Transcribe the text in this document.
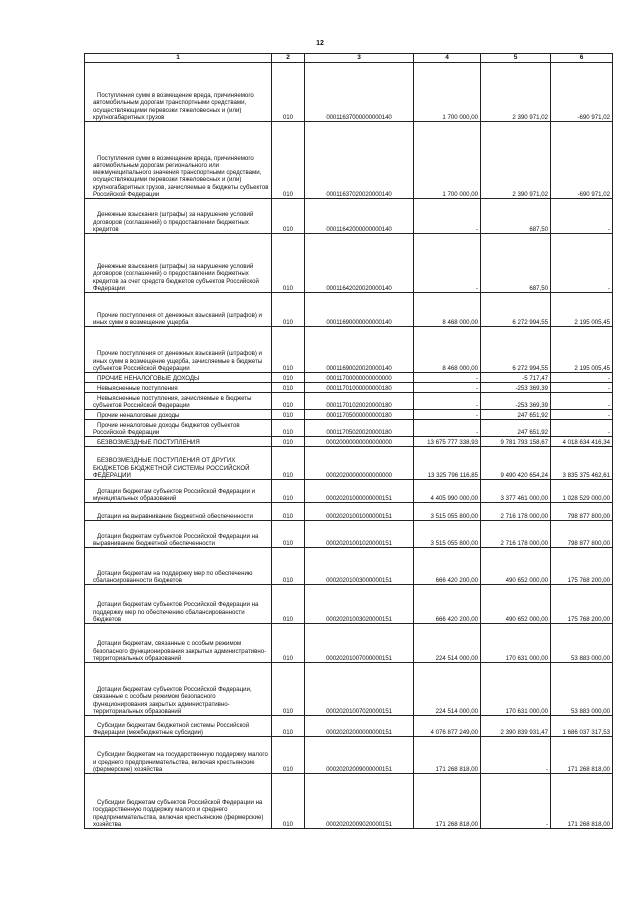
12
1	2	3	4	5	6

Поступления сумм в возмещение вреда, причиняемого автомобильным дорогам транспортными средствами, осуществляющими перевозки тяжеловесных и (или) крупногабаритных грузов	010	00011637000000000140	1 700 000,00	2 390 971,02	-690 971,02

Поступления сумм в возмещение вреда, причиняемого автомобильным дорогам регионального или межмуниципального значения транспортными средствами, осуществляющими перевозки тяжеловесных и (или) крупногабаритных грузов, зачисляемые в бюджеты субъектов Российской Федерации	010	00011637020020000140	1 700 000,00	2 390 971,02	-690 971,02

Денежные взыскания (штрафы) за нарушение условий договоров (соглашений) о предоставлении бюджетных кредитов	010	00011642000000000140	-	687,50	-

Денежные взыскания (штрафы) за нарушение условий договоров (соглашений) о предоставлении бюджетных кредитов за счет средств бюджетов субъектов Российской Федерации	010	00011642020020000140	-	687,50	-

Прочие поступления от денежных взысканий (штрафов) и иных сумм в возмещение ущерба	010	00011690000000000140	8 468 000,00	6 272 994,55	2 195 005,45

Прочие поступления от денежных взысканий (штрафов) и иных сумм в возмещение ущерба, зачисляемые в бюджеты субъектов Российской Федерации	010	00011690020020000140	8 468 000,00	6 272 994,55	2 195 005,45

ПРОЧИЕ НЕНАЛОГОВЫЕ ДОХОДЫ	010	00011700000000000000	-	-5 717,47	-

Невыясненные поступления	010	00011701000000000180	-	-253 369,39	-

Невыясненные поступления, зачисляемые в бюджеты субъектов Российской Федерации	010	00011701020020000180	-	-253 369,39	-

Прочие неналоговые доходы	010	00011705000000000180	-	247 651,92	-

Прочие неналоговые доходы бюджетов субъектов Российской Федерации	010	00011705020020000180	-	247 651,92	-

БЕЗВОЗМЕЗДНЫЕ ПОСТУПЛЕНИЯ	010	00020000000000000000	13 675 777 338,93	9 781 793 158,67	4 018 634 416,34

БЕЗВОЗМЕЗДНЫЕ ПОСТУПЛЕНИЯ ОТ ДРУГИХ БЮДЖЕТОВ БЮДЖЕТНОЙ СИСТЕМЫ РОССИЙСКОЙ ФЕДЕРАЦИИ	010	00020200000000000000	13 325 796 116,85	9 490 420 654,24	3 835 375 462,61

Дотации бюджетам субъектов Российской Федерации и муниципальных образований	010	00020201000000000151	4 405 990 000,00	3 377 461 000,00	1 028 529 000,00

Дотации на выравнивание бюджетной обеспеченности	010	00020201001000000151	3 515 055 800,00	2 716 178 000,00	798 877 800,00

Дотации бюджетам субъектов Российской Федерации на выравнивание бюджетной обеспеченности	010	00020201001020000151	3 515 055 800,00	2 716 178 000,00	798 877 800,00

Дотации бюджетам на поддержку мер по обеспечению сбалансированности бюджетов	010	00020201003000000151	666 420 200,00	490 652 000,00	175 768 200,00

Дотации бюджетам субъектов Российской Федерации на поддержку мер по обеспечению сбалансированности бюджетов	010	00020201003020000151	666 420 200,00	490 652 000,00	175 768 200,00

Дотации бюджетам, связанные с особым режимом безопасного функционирования закрытых административно-территориальных образований	010	00020201007000000151	224 514 000,00	170 631 000,00	53 883 000,00

Дотации бюджетам субъектов Российской Федерации, связанные с особым режимом безопасного функционирования закрытых административно-территориальных образований	010	00020201007020000151	224 514 000,00	170 631 000,00	53 883 000,00

Субсидии бюджетам бюджетной системы Российской Федерации (межбюджетные субсидии)	010	00020202000000000151	4 076 877 249,00	2 390 839 931,47	1 686 037 317,53

Субсидии бюджетам на государственную поддержку малого и среднего предпринимательства, включая крестьянские (фермерские) хозяйства	010	00020202009000000151	171 268 818,00	-	171 268 818,00

Субсидии бюджетам субъектов Российской Федерации на государственную поддержку малого и среднего предпринимательства, включая крестьянские (фермерские) хозяйства	010	00020202009020000151	171 268 818,00	-	171 268 818,00
